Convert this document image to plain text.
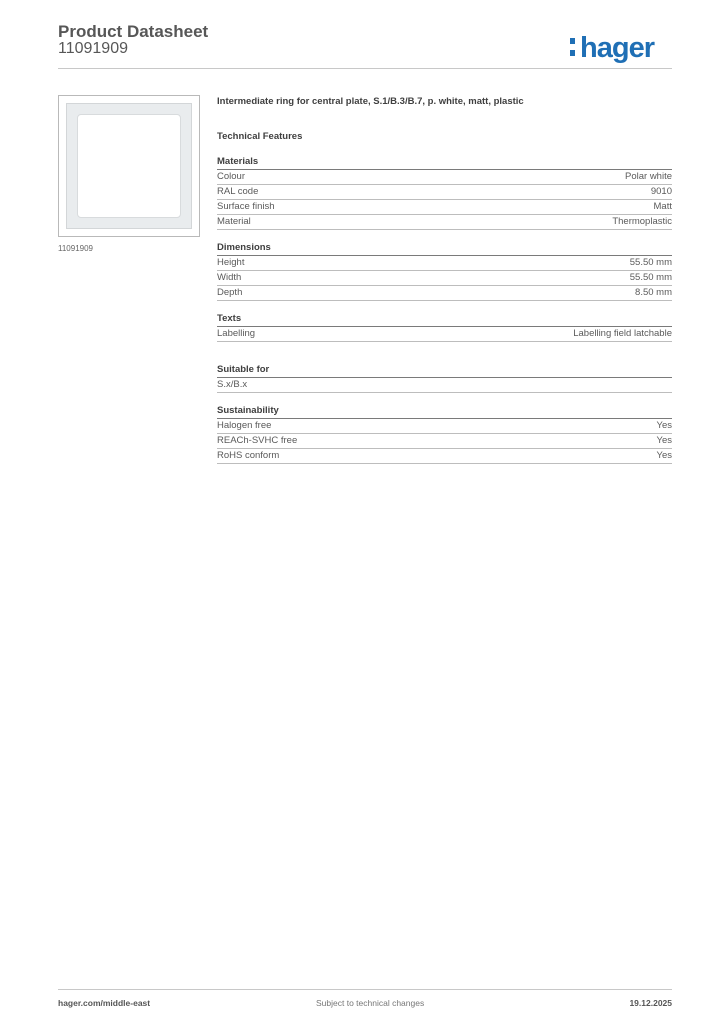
Product Datasheet
11091909	hager
11091909
Intermediate ring for central plate, S.1/B.3/B.7, p. white, matt, plastic
Technical Features
Materials
Colour	Polar white
RAL code	9010
Surface finish	Matt
Material	Thermoplastic
Dimensions
Height	55.50 mm
Width	55.50 mm
Depth	8.50 mm
Texts
Labelling	Labelling field latchable
Suitable for
S.x/B.x
Sustainability
Halogen free	Yes
REACh-SVHC free	Yes
RoHS conform	Yes
hager.com/middle-east	Subject to technical changes	19.12.2025
